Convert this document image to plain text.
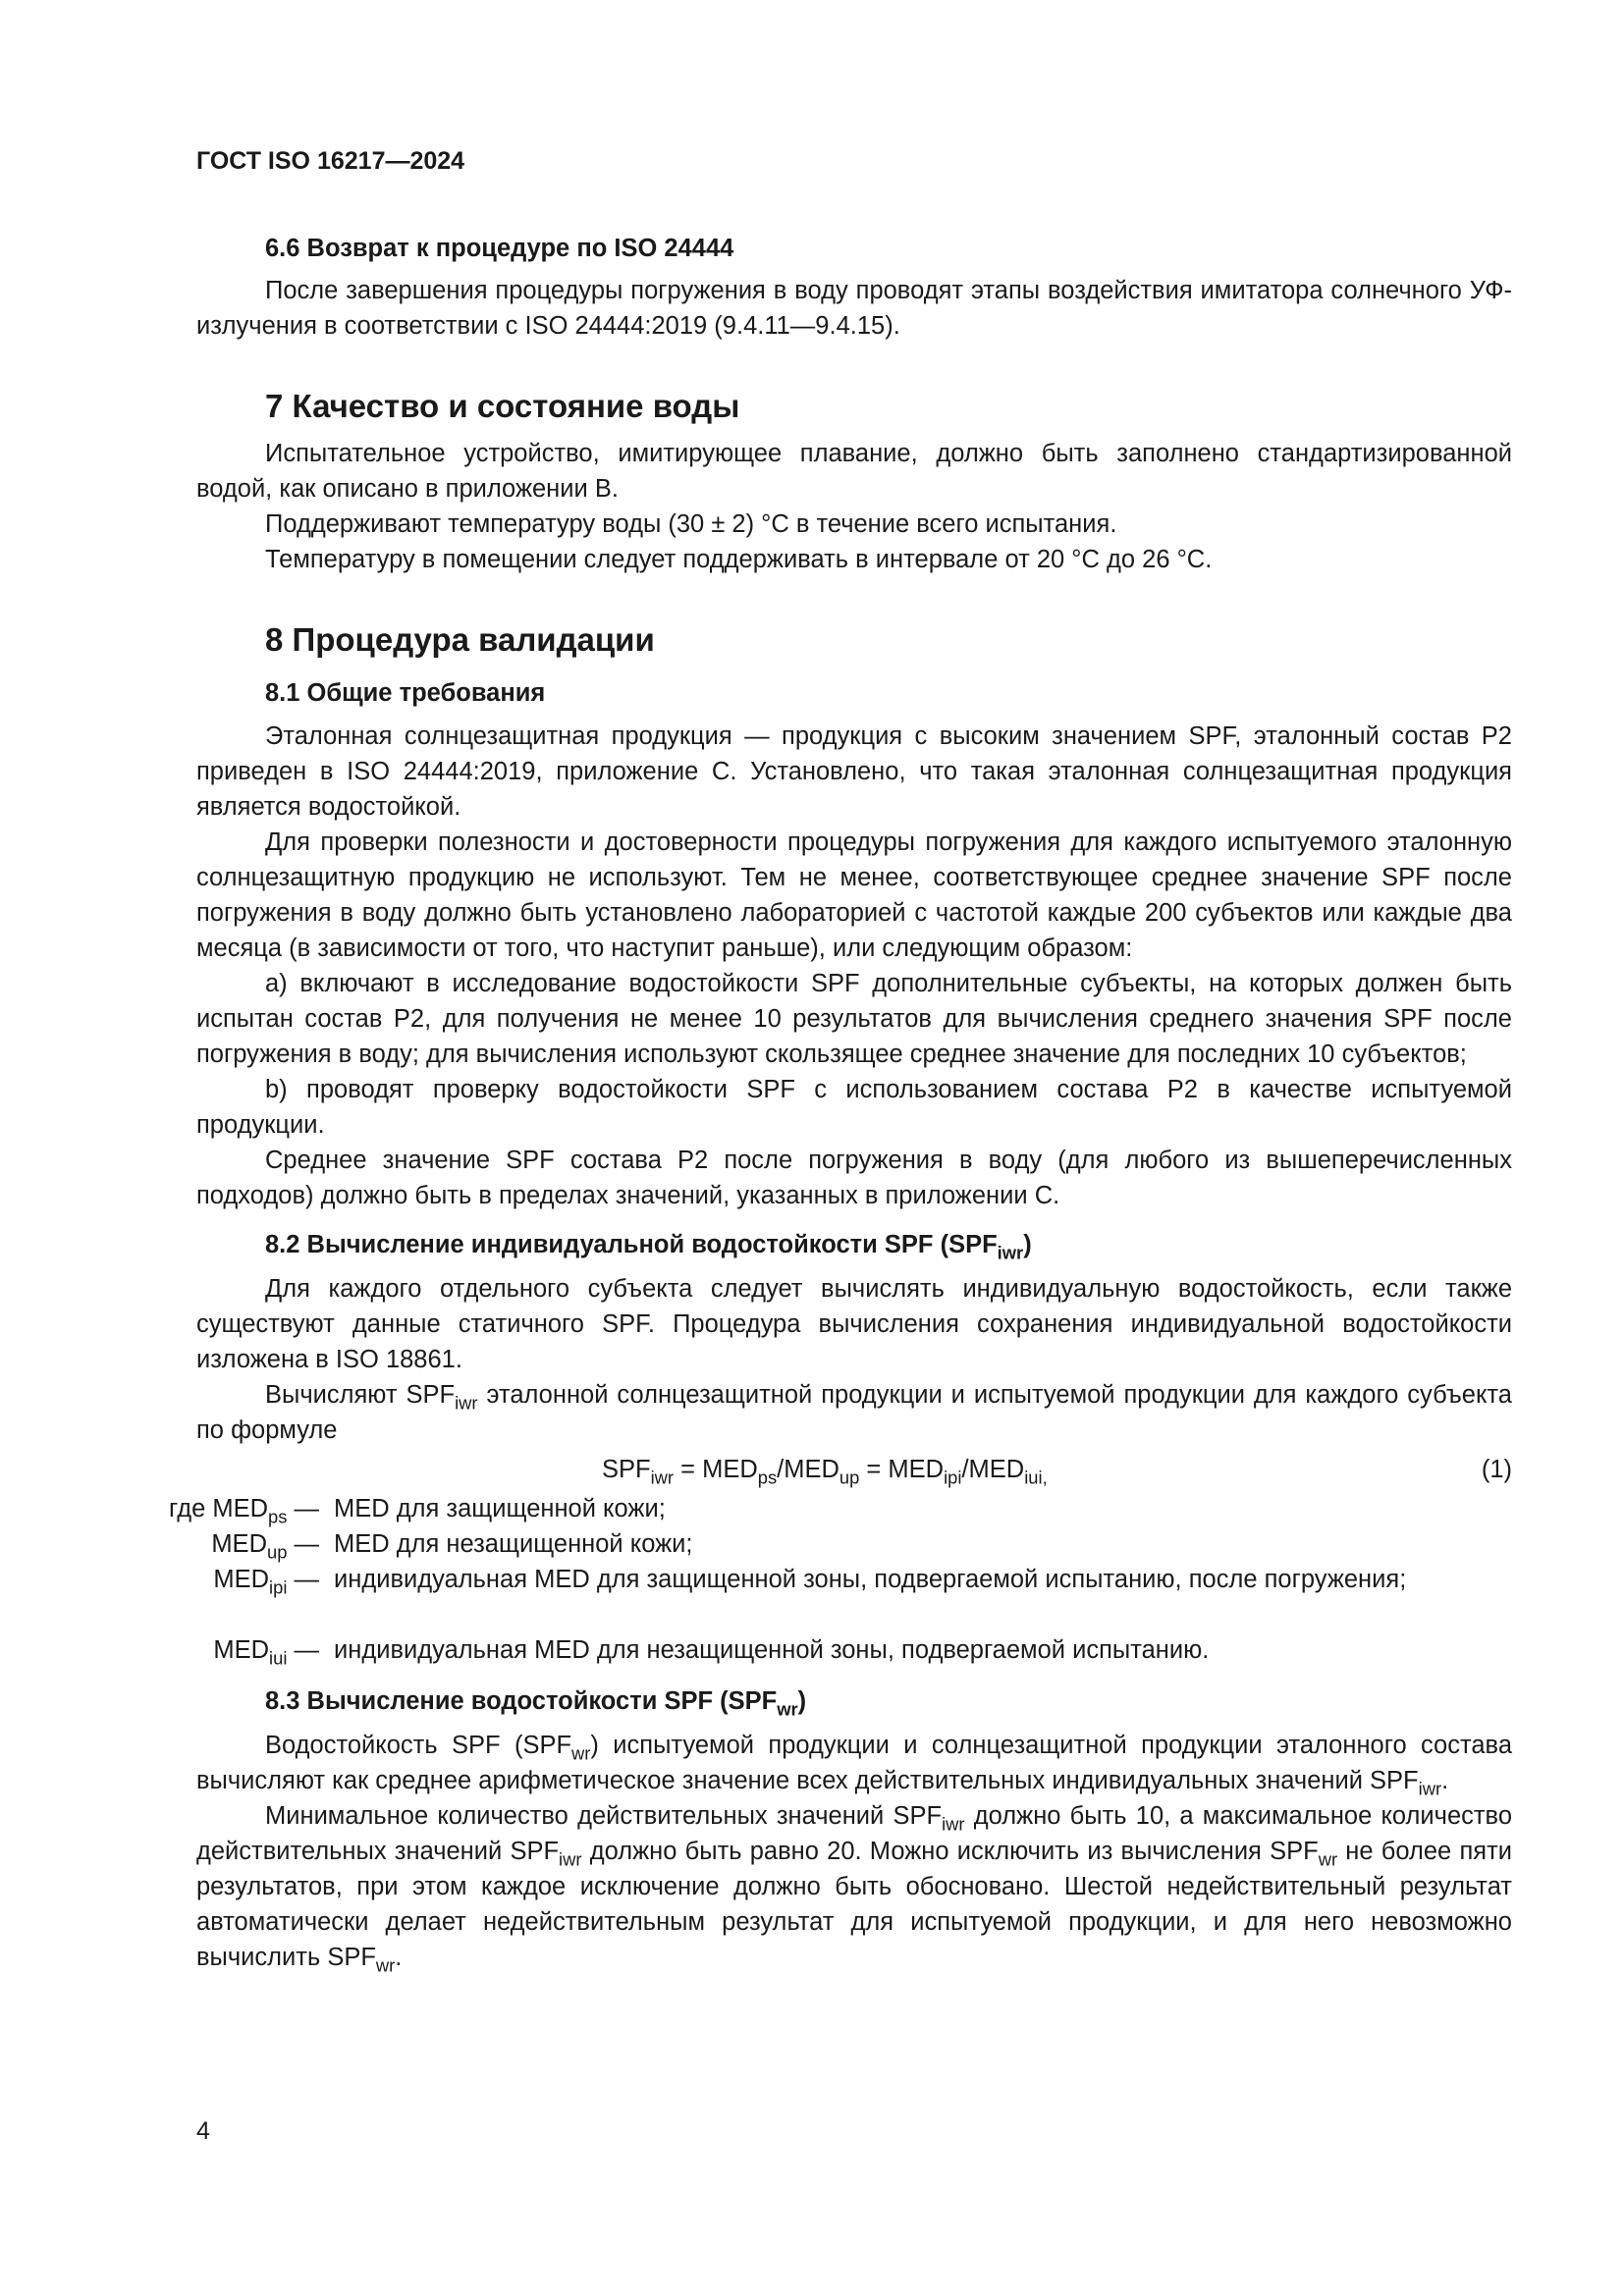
ГОСТ ISO 16217—2024
6.6 Возврат к процедуре по ISO 24444

После завершения процедуры погружения в воду проводят этапы воздействия имитатора солнечного УФ-излучения в соответствии с ISO 24444:2019 (9.4.11—9.4.15).

7 Качество и состояние воды

Испытательное устройство, имитирующее плавание, должно быть заполнено стандартизированной водой, как описано в приложении В.

Поддерживают температуру воды (30 ± 2) °С в течение всего испытания.

Температуру в помещении следует поддерживать в интервале от 20 °С до 26 °С.

8 Процедура валидации
8.1 Общие требования

Эталонная солнцезащитная продукция — продукция с высоким значением SPF, эталонный состав Р2 приведен в ISO 24444:2019, приложение С. Установлено, что такая эталонная солнцезащитная продукция является водостойкой.

Для проверки полезности и достоверности процедуры погружения для каждого испытуемого эталонную солнцезащитную продукцию не используют. Тем не менее, соответствующее среднее значение SPF после погружения в воду должно быть установлено лабораторией с частотой каждые 200 субъектов или каждые два месяца (в зависимости от того, что наступит раньше), или следующим образом:

а) включают в исследование водостойкости SPF дополнительные субъекты, на которых должен быть испытан состав Р2, для получения не менее 10 результатов для вычисления среднего значения SPF после погружения в воду; для вычисления используют скользящее среднее значение для последних 10 субъектов;

b) проводят проверку водостойкости SPF с использованием состава Р2 в качестве испытуемой продукции.

Среднее значение SPF состава Р2 после погружения в воду (для любого из вышеперечисленных подходов) должно быть в пределах значений, указанных в приложении С.

8.2 Вычисление индивидуальной водостойкости SPF $(SPF_{iwr})$

Для каждого отдельного субъекта следует вычислять индивидуальную водостойкость, если также существуют данные статичного SPF. Процедура вычисления сохранения индивидуальной водостойкости изложена в ISO 18861.

Вычисляют $SPF_{iwr}$ эталонной солнцезащитной продукции и испытуемой продукции для каждого субъекта по формуле

$SPF_{iwr} = MED_{ps}/MED_{up} = MED_{ipi}/MED_{iui,}$	(1)
где $MED_{ps}$ — MED для защищенной кожи;
$MED_{up}$ — MED для незащищенной кожи;
$MED_{ipi}$ — индивидуальная MED для защищенной зоны, подвергаемой испытанию, после погружения;
$MED_{iui}$ — индивидуальная MED для незащищенной зоны, подвергаемой испытанию.
8.3 Вычисление водостойкости SPF $(SPF_{wr})$

Водостойкость SPF $(SPF_{wr})$ испытуемой продукции и солнцезащитной продукции эталонного состава вычисляют как среднее арифметическое значение всех действительных индивидуальных значений $SPF_{iwr}$.

Минимальное количество действительных значений $SPF_{iwr}$ должно быть 10, а максимальное количество действительных значений $SPF_{iwr}$ должно быть равно 20. Можно исключить из вычисления $SPF_{wr}$ не более пяти результатов, при этом каждое исключение должно быть обосновано. Шестой недействительный результат автоматически делает недействительным результат для испытуемой продукции, и для него невозможно вычислить $SPF_{wr}$.

4
